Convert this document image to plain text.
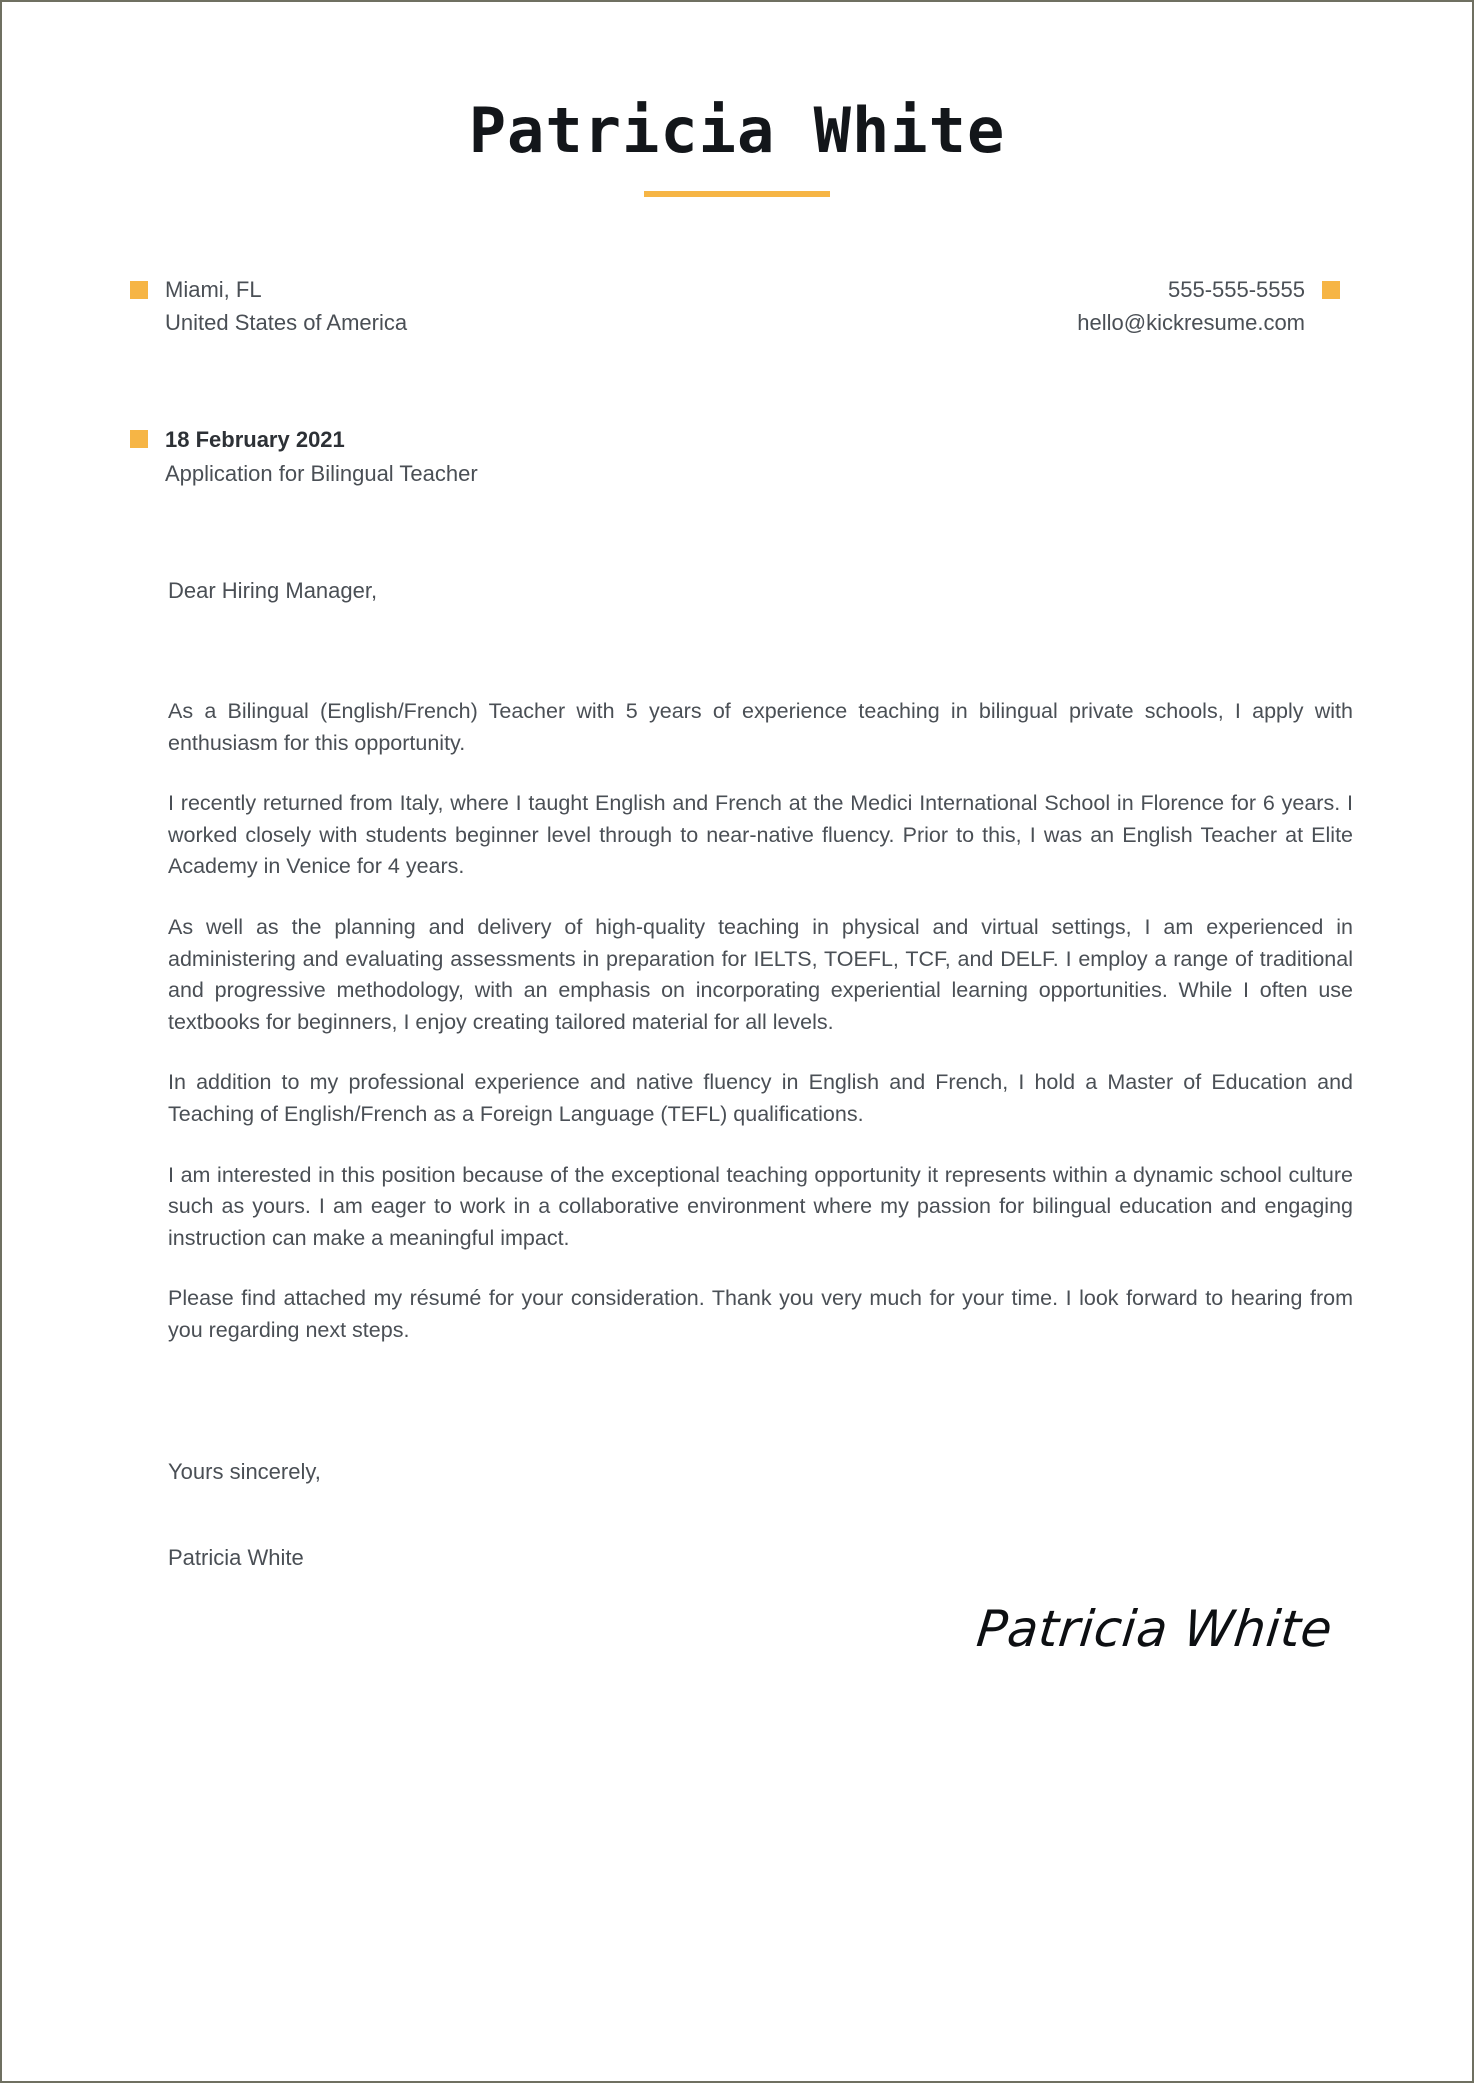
Patricia White
Miami, FL
United States of America
555-555-5555
hello@kickresume.com
18 February 2021
Application for Bilingual Teacher
Dear Hiring Manager,

As a Bilingual (English/French) Teacher with 5 years of experience teaching in bilingual private schools, I apply with enthusiasm for this opportunity.

I recently returned from Italy, where I taught English and French at the Medici International School in Florence for 6 years. I worked closely with students beginner level through to near-native fluency. Prior to this, I was an English Teacher at Elite Academy in Venice for 4 years.

As well as the planning and delivery of high-quality teaching in physical and virtual settings, I am experienced in administering and evaluating assessments in preparation for IELTS, TOEFL, TCF, and DELF. I employ a range of traditional and progressive methodology, with an emphasis on incorporating experiential learning opportunities. While I often use textbooks for beginners, I enjoy creating tailored material for all levels.

In addition to my professional experience and native fluency in English and French, I hold a Master of Education and Teaching of English/French as a Foreign Language (TEFL) qualifications.

I am interested in this position because of the exceptional teaching opportunity it represents within a dynamic school culture such as yours. I am eager to work in a collaborative environment where my passion for bilingual education and engaging instruction can make a meaningful impact.

Please find attached my résumé for your consideration. Thank you very much for your time. I look forward to hearing from you regarding next steps.

Yours sincerely,
Patricia White
Patricia White
